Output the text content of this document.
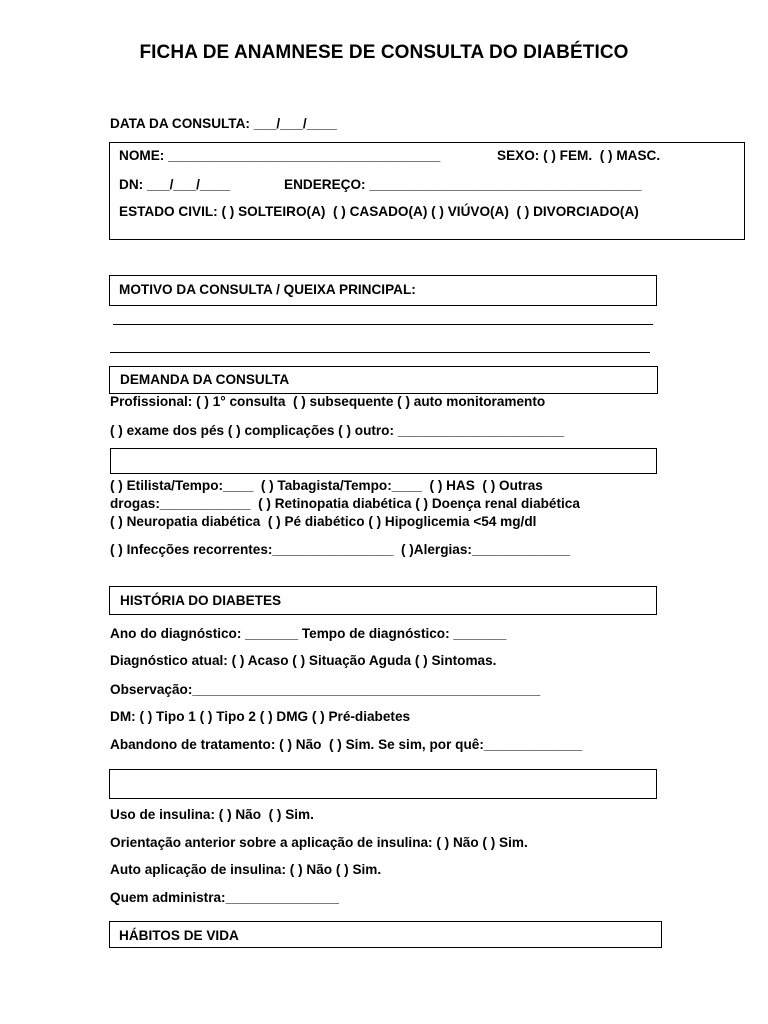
FICHA DE ANAMNESE DE CONSULTA DO DIABÉTICO
DATA DA CONSULTA: ___/___/____
NOME: ____________________________________	SEXO: ( ) FEM.  ( ) MASC.
DN: ___/___/____	ENDEREÇO: ____________________________________
ESTADO CIVIL: ( ) SOLTEIRO(A)  ( ) CASADO(A) ( ) VIÚVO(A)  ( ) DIVORCIADO(A)
MOTIVO DA CONSULTA / QUEIXA PRINCIPAL:
DEMANDA DA CONSULTA
Profissional: ( ) 1° consulta  ( ) subsequente ( ) auto monitoramento
( ) exame dos pés ( ) complicações ( ) outro: ______________________
( ) Etilista/Tempo:____  ( ) Tabagista/Tempo:____  ( ) HAS  ( ) Outras
drogas:____________  ( ) Retinopatia diabética ( ) Doença renal diabética
( ) Neuropatia diabética  ( ) Pé diabético ( ) Hipoglicemia <54 mg/dl
( ) Infecções recorrentes:________________  ( )Alergias:_____________
HISTÓRIA DO DIABETES
Ano do diagnóstico: _______ Tempo de diagnóstico: _______
Diagnóstico atual: ( ) Acaso ( ) Situação Aguda ( ) Sintomas.
Observação:______________________________________________
DM: ( ) Tipo 1 ( ) Tipo 2 ( ) DMG ( ) Pré-diabetes
Abandono de tratamento: ( ) Não  ( ) Sim. Se sim, por quê:_____________
Uso de insulina: ( ) Não  ( ) Sim.
Orientação anterior sobre a aplicação de insulina: ( ) Não ( ) Sim.
Auto aplicação de insulina: ( ) Não ( ) Sim.
Quem administra:_______________
HÁBITOS DE VIDA
